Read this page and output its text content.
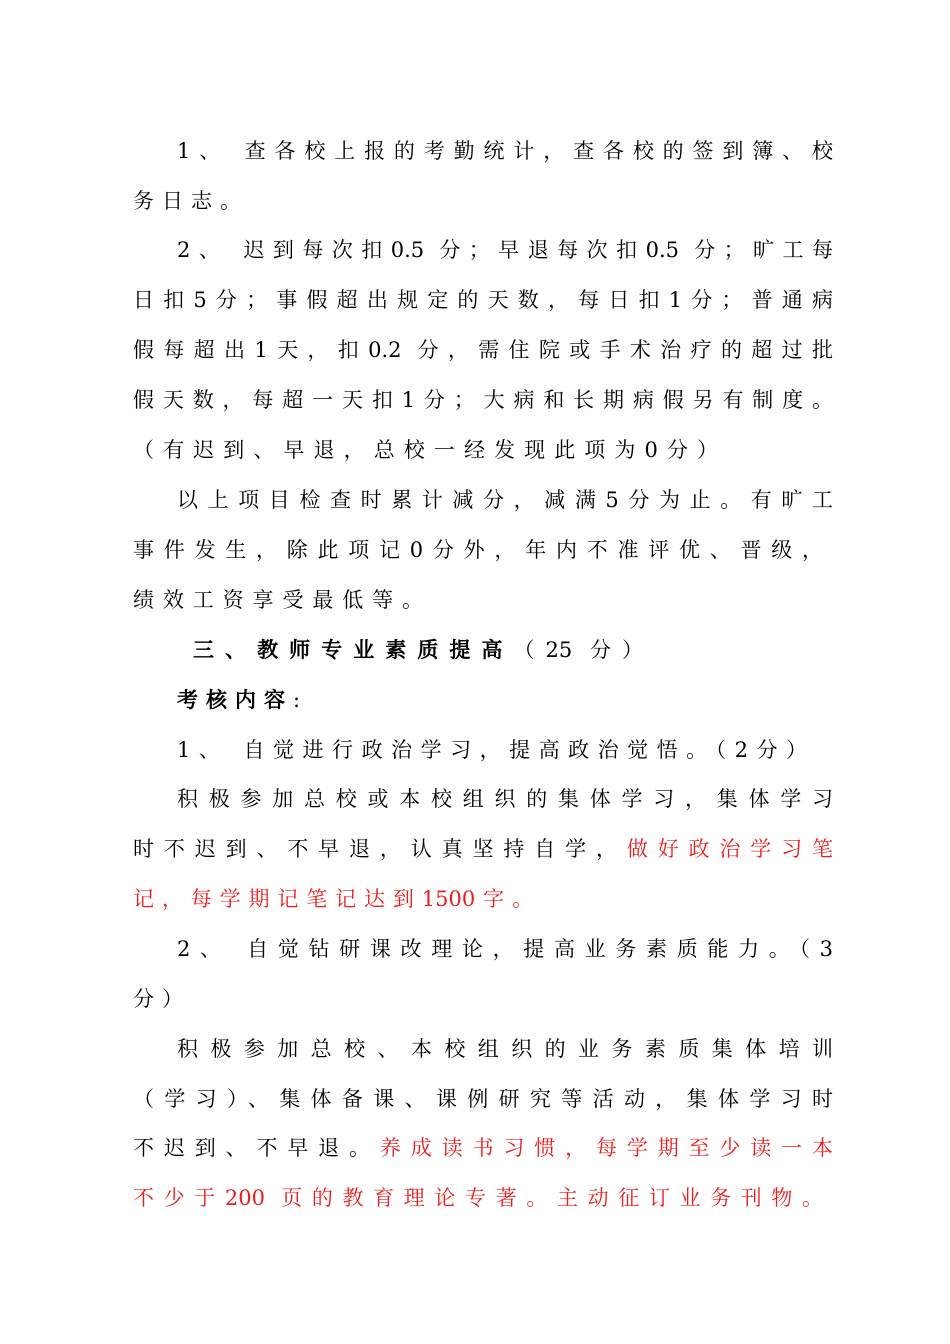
1、 查各校上报的考勤统计，查各校的签到簿、校
务日志。
2、 迟到每次扣0.5 分；早退每次扣0.5 分；旷工每
日扣5分；事假超出规定的天数，每日扣1分；普通病
假每超出1天，扣0.2 分，需住院或手术治疗的超过批
假天数，每超一天扣1分；大病和长期病假另有制度。
（有迟到、早退，总校一经发现此项为0分）
以上项目检查时累计减分，减满5分为止。有旷工
事件发生，除此项记0分外，年内不准评优、晋级，
绩效工资享受最低等。
三、教师专业素质提高（25 分）
考核内容:
1、 自觉进行政治学习，提高政治觉悟。（2分）
积极参加总校或本校组织的集体学习，集体学习
时不迟到、不早退，认真坚持自学，做好政治学习笔
记，每学期记笔记达到1500字。
2、 自觉钻研课改理论，提高业务素质能力。（3
分）
积极参加总校、本校组织的业务素质集体培训
（学习）、集体备课、课例研究等活动，集体学习时
不迟到、不早退。养成读书习惯，每学期至少读一本
不少于200 页的教育理论专著。主动征订业务刊物。
